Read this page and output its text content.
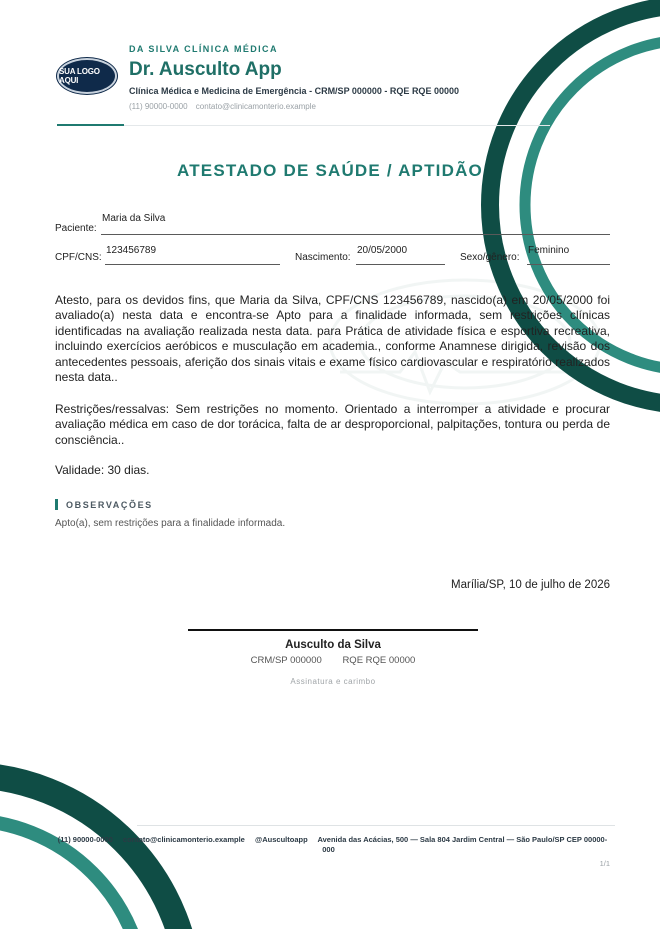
SUA LOGO AQUI
DA SILVA CLÍNICA MÉDICA
Dr. Ausculto App
Clínica Médica e Medicina de Emergência - CRM/SP 000000 - RQE RQE 00000
(11) 90000-0000 contato@clinicamonterio.example
ATESTADO DE SAÚDE / APTIDÃO
Paciente:
Maria da Silva
CPF/CNS:
123456789
Nascimento:
20/05/2000
Sexo/gênero:
Feminino
Atesto, para os devidos fins, que Maria da Silva, CPF/CNS 123456789, nascido(a) em 20/05/2000 foi avaliado(a) nesta data e encontra-se Apto para a finalidade informada, sem restrições clínicas identificadas na avaliação realizada nesta data. para Prática de atividade física e esportiva recreativa, incluindo exercícios aeróbicos e musculação em academia., conforme Anamnese dirigida, revisão dos antecedentes pessoais, aferição dos sinais vitais e exame físico cardiovascular e respiratório realizados nesta data..
Restrições/ressalvas: Sem restrições no momento. Orientado a interromper a atividade e procurar avaliação médica em caso de dor torácica, falta de ar desproporcional, palpitações, tontura ou perda de consciência..
Validade: 30 dias.
OBSERVAÇÕES
Apto(a), sem restrições para a finalidade informada.
Marília/SP, 10 de julho de 2026
Ausculto da Silva
CRM/SP 000000 RQE RQE 00000
Assinatura e carimbo
(11) 90000-0000 contato@clinicamonterio.example @Auscultoapp Avenida das Acácias, 500 — Sala 804 Jardim Central — São Paulo/SP CEP 00000-000
1/1
